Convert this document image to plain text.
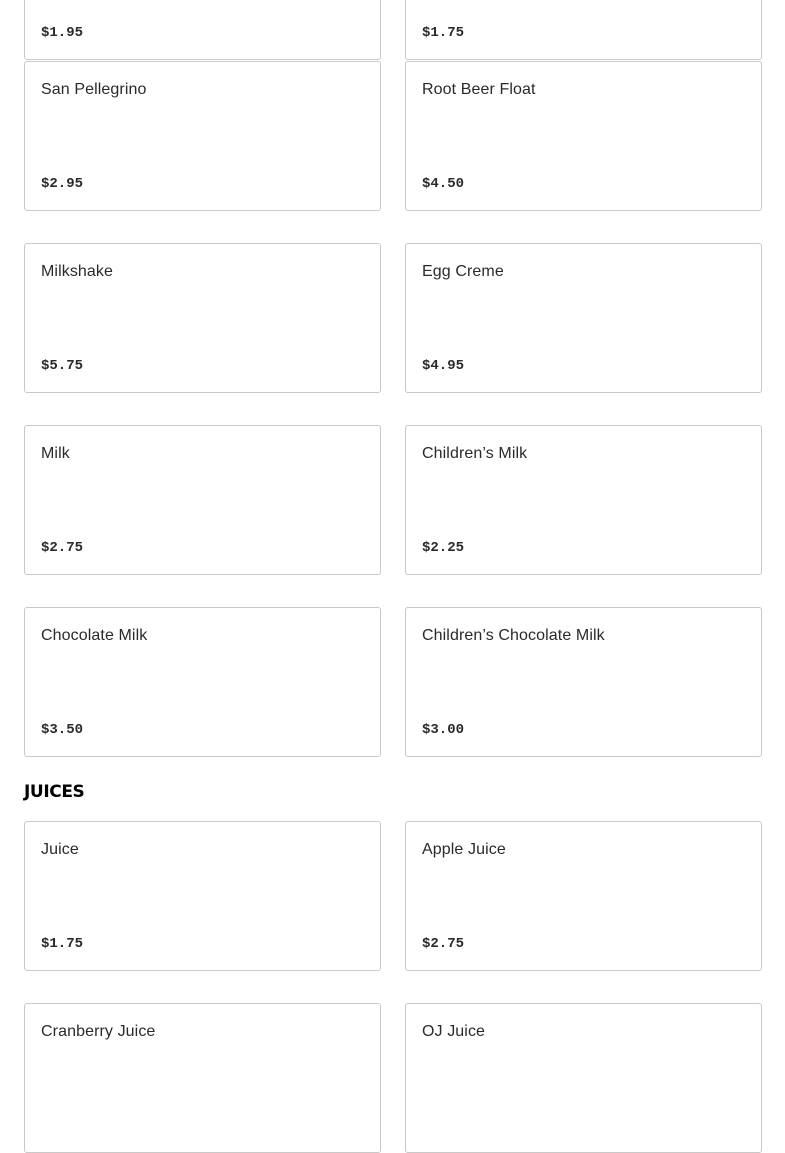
$1.95	$1.75
San Pellegrino
$2.95
Root Beer Float
$4.50
Milkshake
$5.75
Egg Creme
$4.95
Milk
$2.75
Children’s Milk
$2.25
Chocolate Milk
$3.50
Children’s Chocolate Milk
$3.00
JUICES
Juice
$1.75
Apple Juice
$2.75
Cranberry Juice	OJ Juice
